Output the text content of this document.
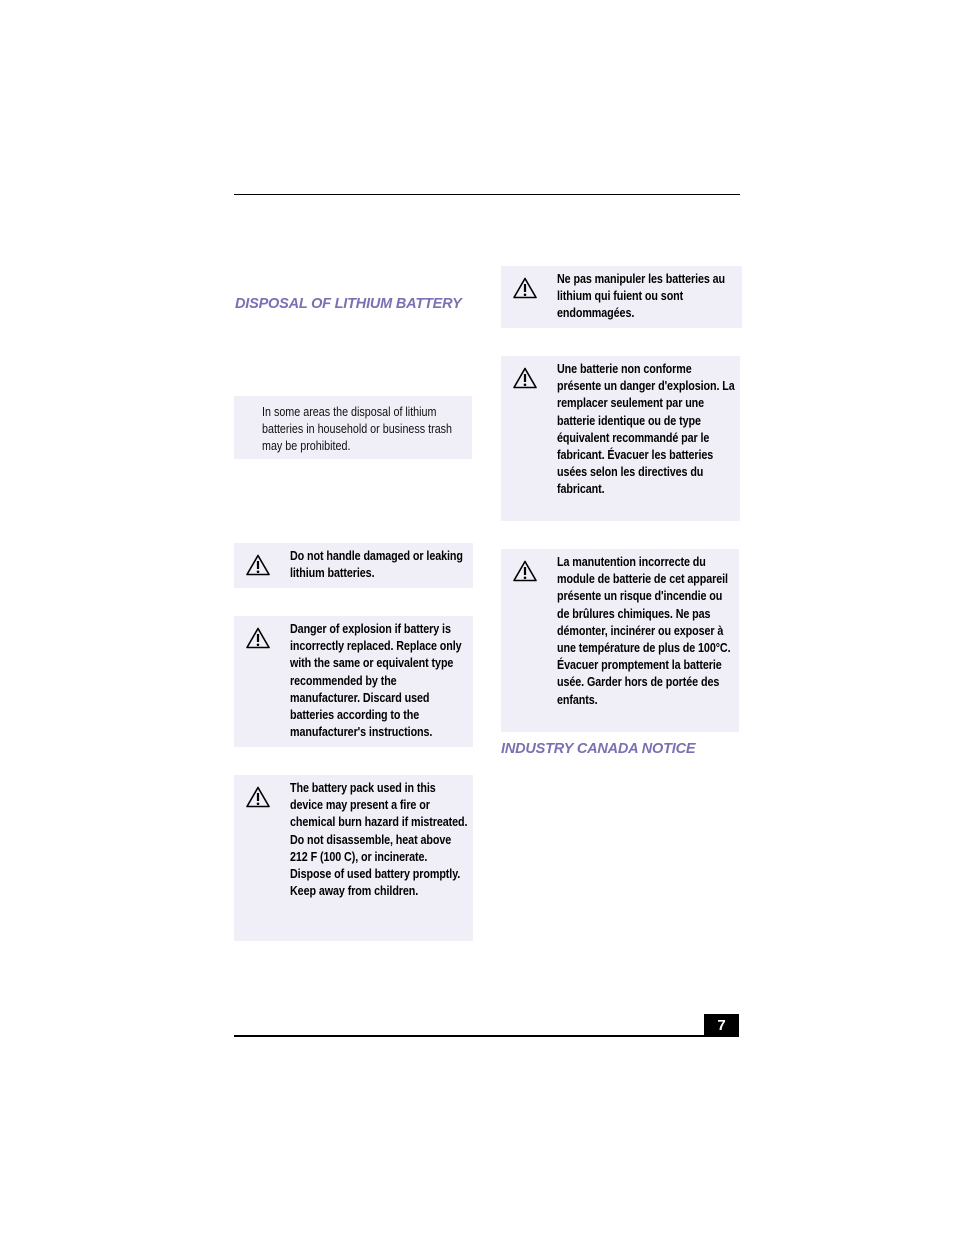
DISPOSAL OF LITHIUM BATTERY
In some areas the disposal of lithium batteries in household or business trash may be prohibited.
Do not handle damaged or leaking lithium batteries.
Danger of explosion if battery is incorrectly replaced. Replace only with the same or equivalent type recommended by the manufacturer. Discard used batteries according to the manufacturer's instructions.
The battery pack used in this device may present a fire or chemical burn hazard if mistreated. Do not disassemble, heat above 212 F (100 C), or incinerate. Dispose of used battery promptly. Keep away from children.
Ne pas manipuler les batteries au lithium qui fuient ou sont endommagées.
Une batterie non conforme présente un danger d'explosion. La remplacer seulement par une batterie identique ou de type équivalent recommandé par le fabricant. Évacuer les batteries usées selon les directives du fabricant.
La manutention incorrecte du module de batterie de cet appareil présente un risque d'incendie ou de brûlures chimiques. Ne pas démonter, incinérer ou exposer à une température de plus de 100°C. Évacuer promptement la batterie usée. Garder hors de portée des enfants.
INDUSTRY CANADA NOTICE
7
